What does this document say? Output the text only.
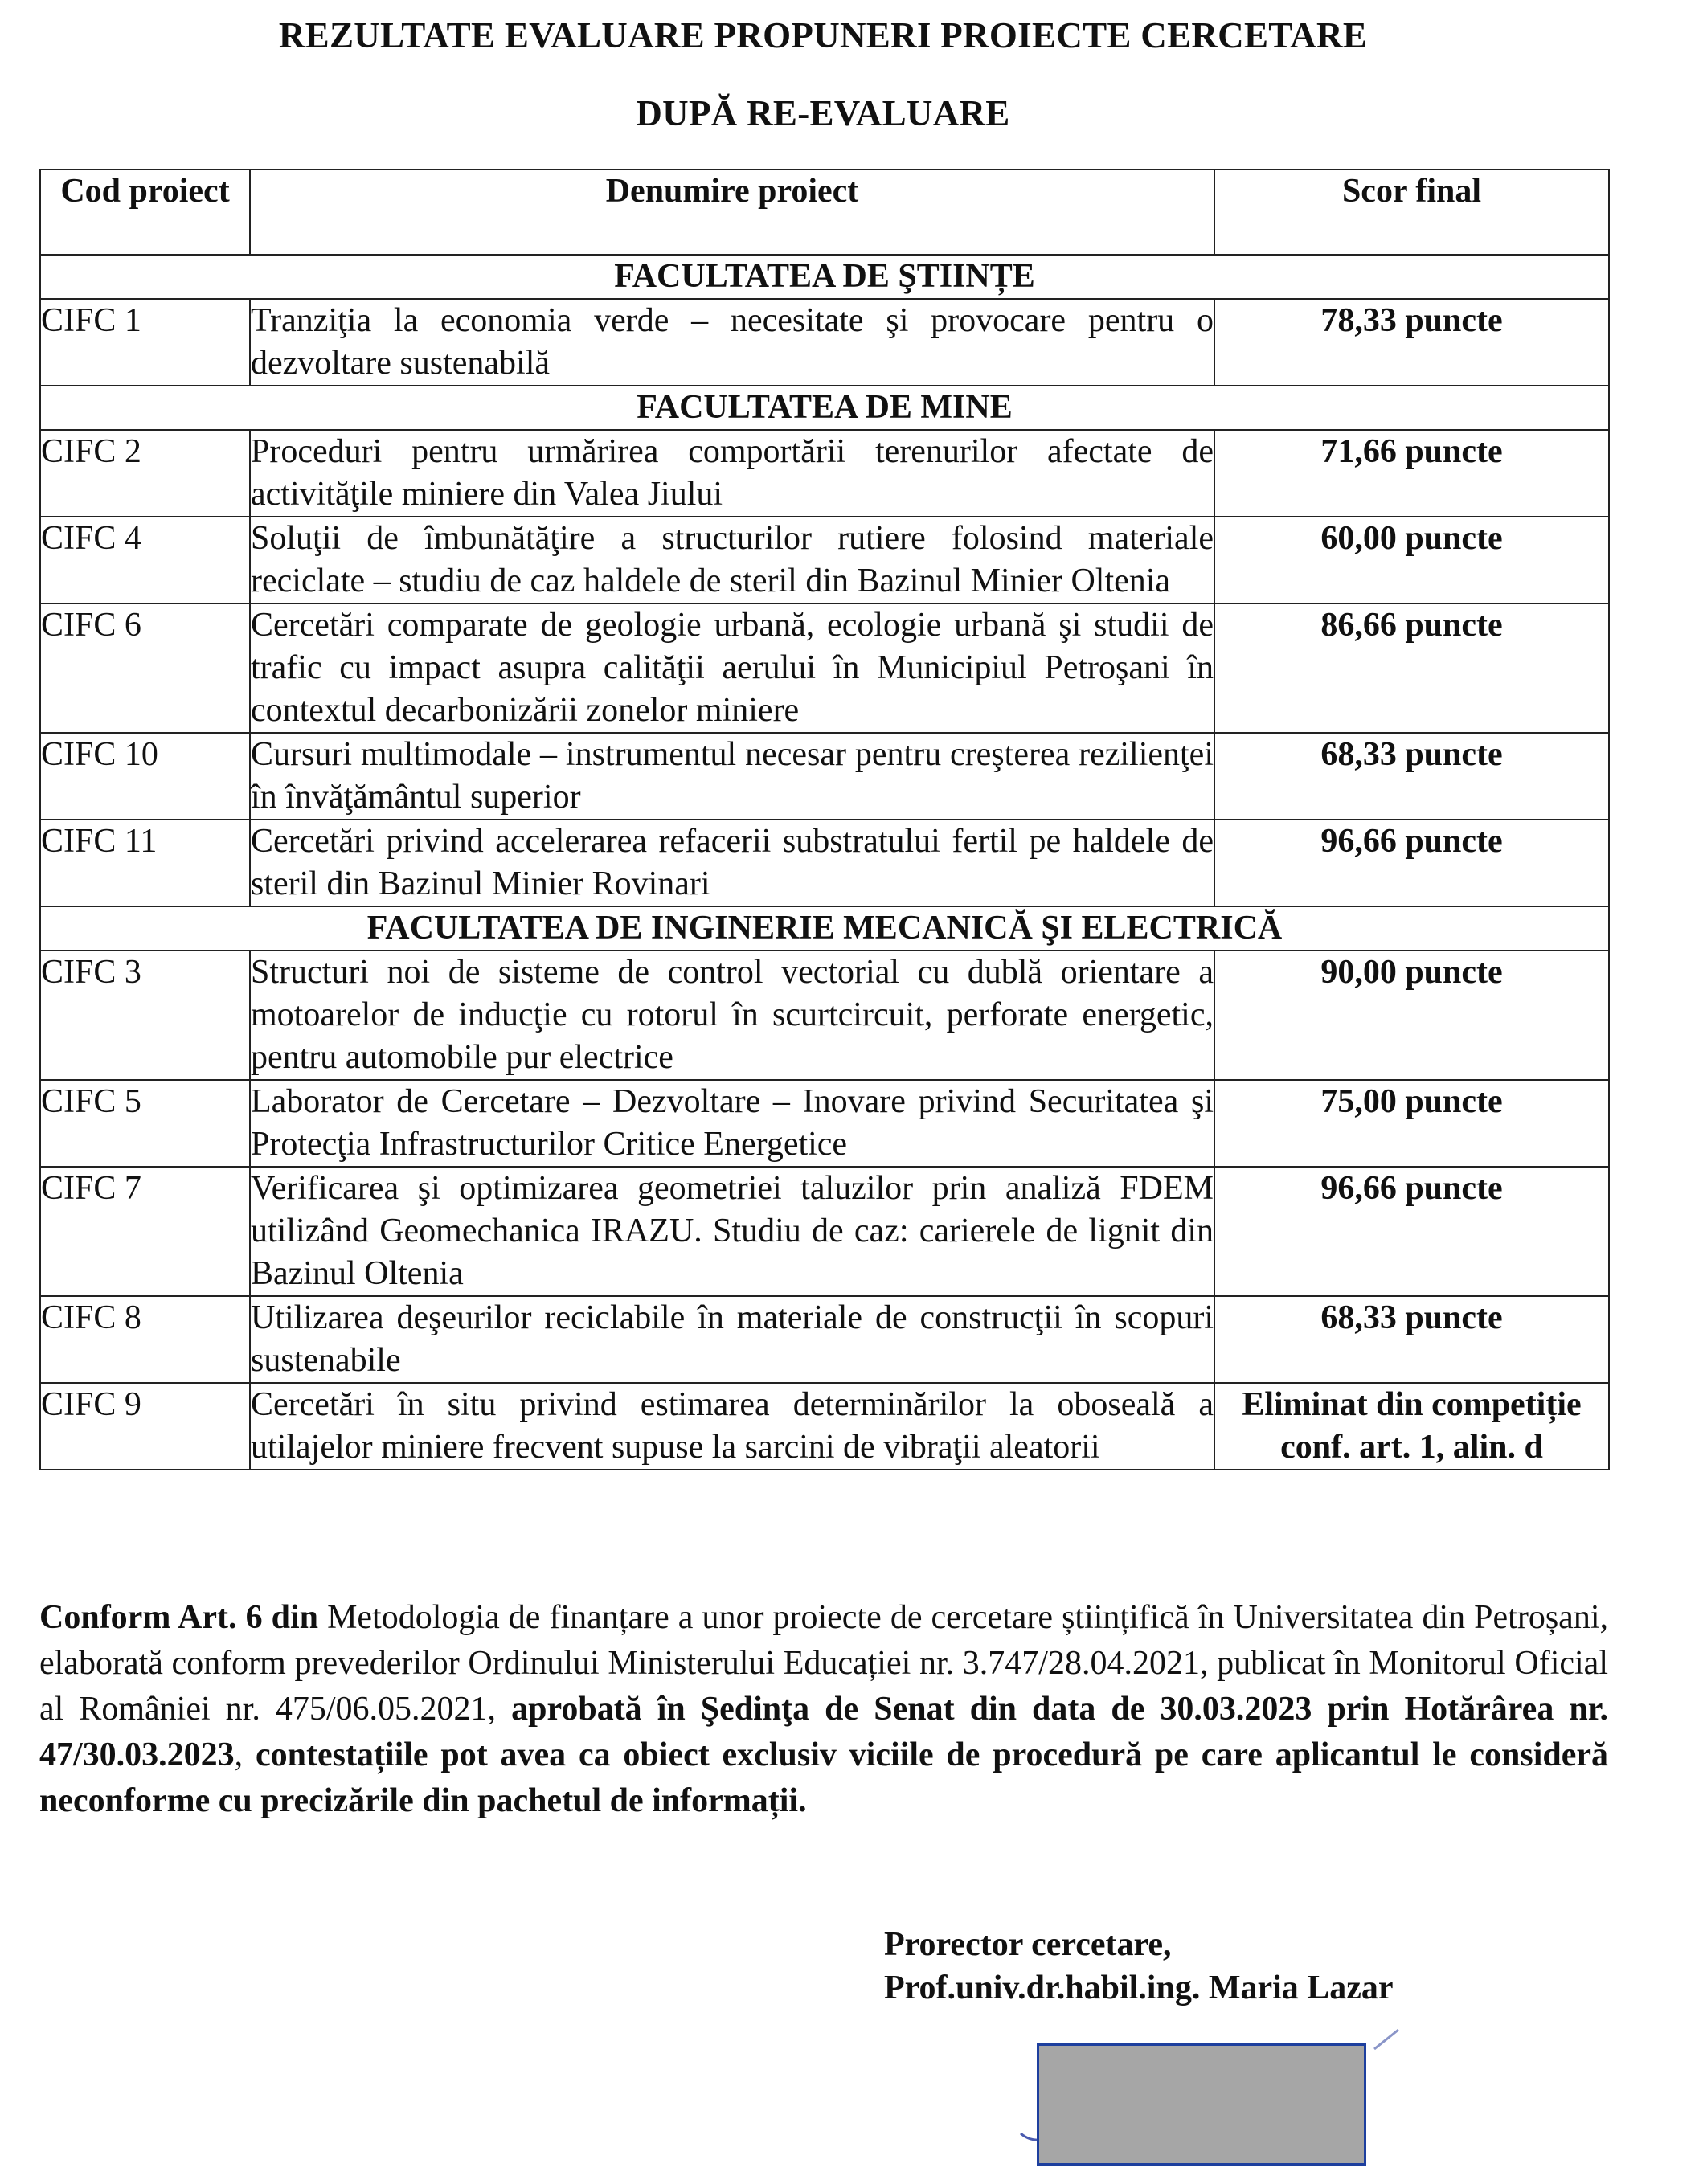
REZULTATE EVALUARE PROPUNERI PROIECTE CERCETARE
DUPĂ RE-EVALUARE
Cod proiect	Denumire proiect	Scor final
FACULTATEA DE ŞTIINȚE		
CIFC 1	Tranziţia la economia verde – necesitate şi provocare pentru o dezvoltare sustenabilă	78,33 puncte
FACULTATEA DE MINE		
CIFC 2	Proceduri pentru urmărirea comportării terenurilor afectate de activităţile miniere din Valea Jiului	71,66 puncte
CIFC 4	Soluţii de îmbunătăţire a structurilor rutiere folosind materiale reciclate – studiu de caz haldele de steril din Bazinul Minier Oltenia	60,00 puncte
CIFC 6	Cercetări comparate de geologie urbană, ecologie urbană şi studii de trafic cu impact asupra calităţii aerului în Municipiul Petroşani în contextul decarbonizării zonelor miniere	86,66 puncte
CIFC 10	Cursuri multimodale – instrumentul necesar pentru creşterea rezilienţei în învăţământul superior	68,33 puncte
CIFC 11	Cercetări privind accelerarea refacerii substratului fertil pe haldele de steril din Bazinul Minier Rovinari	96,66 puncte
FACULTATEA DE INGINERIE MECANICĂ ŞI ELECTRICĂ		
CIFC 3	Structuri noi de sisteme de control vectorial cu dublă orientare a motoarelor de inducţie cu rotorul în scurtcircuit, perforate energetic, pentru automobile pur electrice	90,00 puncte
CIFC 5	Laborator de Cercetare – Dezvoltare – Inovare privind Securitatea şi Protecţia Infrastructurilor Critice Energetice	75,00 puncte
CIFC 7	Verificarea şi optimizarea geometriei taluzilor prin analiză FDEM utilizând Geomechanica IRAZU. Studiu de caz: carierele de lignit din Bazinul Oltenia	96,66 puncte
CIFC 8	Utilizarea deşeurilor reciclabile în materiale de construcţii în scopuri sustenabile	68,33 puncte
CIFC 9	Cercetări în situ privind estimarea determinărilor la oboseală a utilajelor miniere frecvent supuse la sarcini de vibraţii aleatorii	Eliminat din competiție conf. art. 1, alin. d
Conform Art. 6 din Metodologia de finanțare a unor proiecte de cercetare științifică în Universitatea din Petroșani, elaborată conform prevederilor Ordinului Ministerului Educației nr. 3.747/28.04.2021, publicat în Monitorul Oficial al României nr. 475/06.05.2021, aprobată în Şedinţa de Senat din data de 30.03.2023 prin Hotărârea nr. 47/30.03.2023, contestațiile pot avea ca obiect exclusiv viciile de procedură pe care aplicantul le consideră neconforme cu precizările din pachetul de informații.
Prorector cercetare,
Prof.univ.dr.habil.ing. Maria Lazar
